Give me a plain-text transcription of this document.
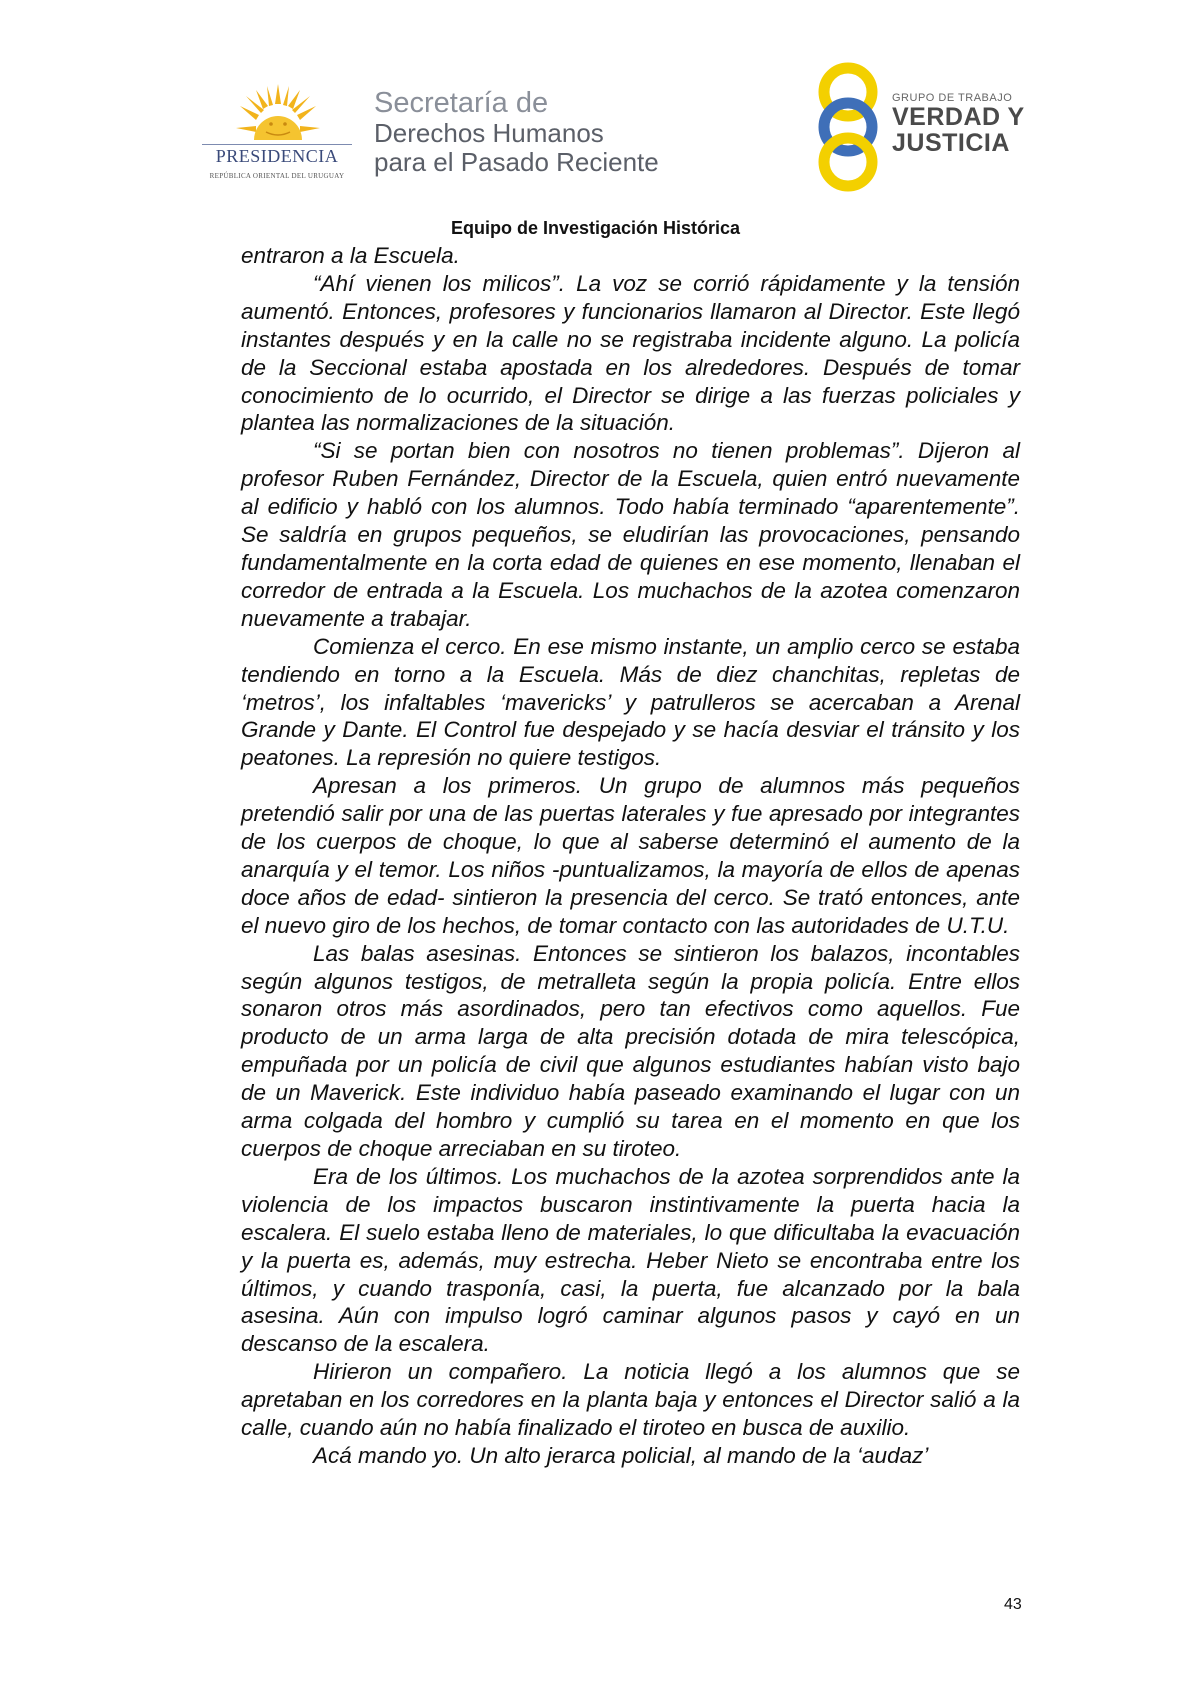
PRESIDENCIA
REPÚBLICA ORIENTAL DEL URUGUAY
Secretaría de
Derechos Humanos
para el Pasado Reciente
GRUPO DE TRABAJO
VERDAD Y
JUSTICIA
Equipo de Investigación Histórica

entraron a la Escuela.

“Ahí vienen los milicos”. La voz se corrió rápidamente y la tensión aumentó. Entonces, profesores y funcionarios llamaron al Director. Este llegó instantes después y en la calle no se registraba incidente alguno. La policía de la Seccional estaba apostada en los alrededores. Después de tomar conocimiento de lo ocurrido, el Director se dirige a las fuerzas policiales y plantea las normalizaciones de la situación.

“Si se portan bien con nosotros no tienen problemas”. Dijeron al profesor Ruben Fernández, Director de la Escuela, quien entró nuevamente al edificio y habló con los alumnos. Todo había terminado “aparentemente”. Se saldría en grupos pequeños, se eludirían las provocaciones, pensando fundamentalmente en la corta edad de quienes en ese momento, llenaban el corredor de entrada a la Escuela. Los muchachos de la azotea comenzaron nuevamente a trabajar.

Comienza el cerco. En ese mismo instante, un amplio cerco se estaba tendiendo en torno a la Escuela. Más de diez chanchitas, repletas de ‘metros’, los infaltables ‘mavericks’ y patrulleros se acercaban a Arenal Grande y Dante. El Control fue despejado y se hacía desviar el tránsito y los peatones. La represión no quiere testigos.

Apresan a los primeros. Un grupo de alumnos más pequeños pretendió salir por una de las puertas laterales y fue apresado por integrantes de los cuerpos de choque, lo que al saberse determinó el aumento de la anarquía y el temor. Los niños -puntualizamos, la mayoría de ellos de apenas doce años de edad- sintieron la presencia del cerco. Se trató entonces, ante el nuevo giro de los hechos, de tomar contacto con las autoridades de U.T.U.

Las balas asesinas. Entonces se sintieron los balazos, incontables según algunos testigos, de metralleta según la propia policía. Entre ellos sonaron otros más asordinados, pero tan efectivos como aquellos. Fue producto de un arma larga de alta precisión dotada de mira telescópica, empuñada por un policía de civil que algunos estudiantes habían visto bajo de un Maverick. Este individuo había paseado examinando el lugar con un arma colgada del hombro y cumplió su tarea en el momento en que los cuerpos de choque arreciaban en su tiroteo.

Era de los últimos. Los muchachos de la azotea sorprendidos ante la violencia de los impactos buscaron instintivamente la puerta hacia la escalera. El suelo estaba lleno de materiales, lo que dificultaba la evacuación y la puerta es, además, muy estrecha. Heber Nieto se encontraba entre los últimos, y cuando trasponía, casi, la puerta, fue alcanzado por la bala asesina. Aún con impulso logró caminar algunos pasos y cayó en un descanso de la escalera.

Hirieron un compañero. La noticia llegó a los alumnos que se apretaban en los corredores en la planta baja y entonces el Director salió a la calle, cuando aún no había finalizado el tiroteo en busca de auxilio.

Acá mando yo. Un alto jerarca policial, al mando de la ‘audaz’

43
